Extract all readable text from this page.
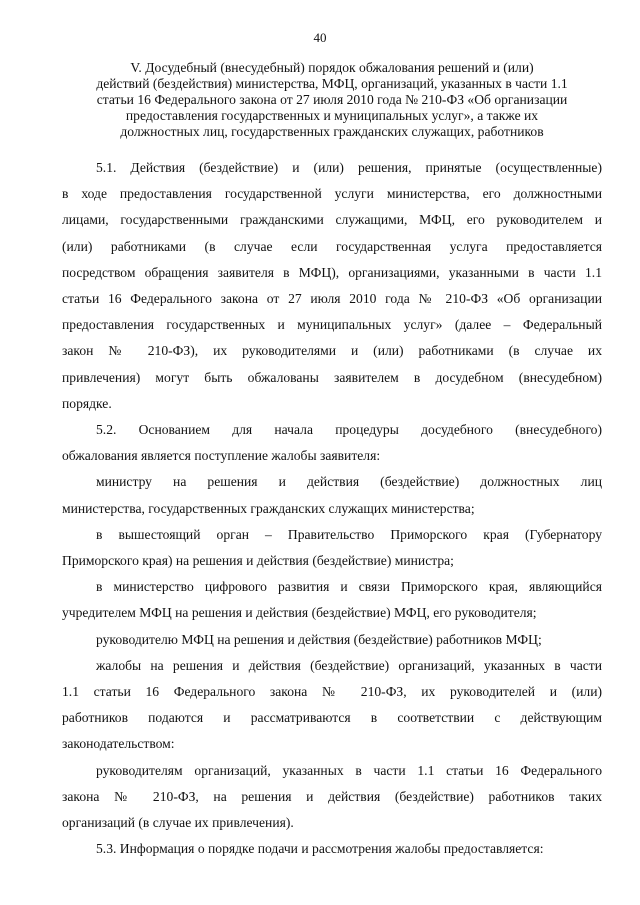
40
V. Досудебный (внесудебный) порядок обжалования решений и (или)
действий (бездействия) министерства, МФЦ, организаций, указанных в части 1.1
статьи 16 Федерального закона от 27 июля 2010 года № 210-ФЗ «Об организации
предоставления государственных и муниципальных услуг», а также их
должностных лиц, государственных гражданских служащих, работников

5.1. Действия (бездействие) и (или) решения, принятые (осуществленные)
в ходе предоставления государственной услуги министерства, его должностными
лицами, государственными гражданскими служащими, МФЦ, его руководителем и
(или) работниками (в случае если государственная услуга предоставляется
посредством обращения заявителя в МФЦ), организациями, указанными в части 1.1
статьи 16 Федерального закона от 27 июля 2010 года № 210-ФЗ «Об организации
предоставления государственных и муниципальных услуг» (далее – Федеральный
закон № 210-ФЗ), их руководителями и (или) работниками (в случае их
привлечения) могут быть обжалованы заявителем в досудебном (внесудебном)
порядке.

5.2. Основанием для начала процедуры досудебного (внесудебного)
обжалования является поступление жалобы заявителя:

министру на решения и действия (бездействие) должностных лиц
министерства, государственных гражданских служащих министерства;

в вышестоящий орган – Правительство Приморского края (Губернатору
Приморского края) на решения и действия (бездействие) министра;

в министерство цифрового развития и связи Приморского края, являющийся
учредителем МФЦ на решения и действия (бездействие) МФЦ, его руководителя;

руководителю МФЦ на решения и действия (бездействие) работников МФЦ;

жалобы на решения и действия (бездействие) организаций, указанных в части
1.1 статьи 16 Федерального закона № 210-ФЗ, их руководителей и (или)
работников подаются и рассматриваются в соответствии с действующим
законодательством:

руководителям организаций, указанных в части 1.1 статьи 16 Федерального
закона № 210-ФЗ, на решения и действия (бездействие) работников таких
организаций (в случае их привлечения).

5.3. Информация о порядке подачи и рассмотрения жалобы предоставляется:
